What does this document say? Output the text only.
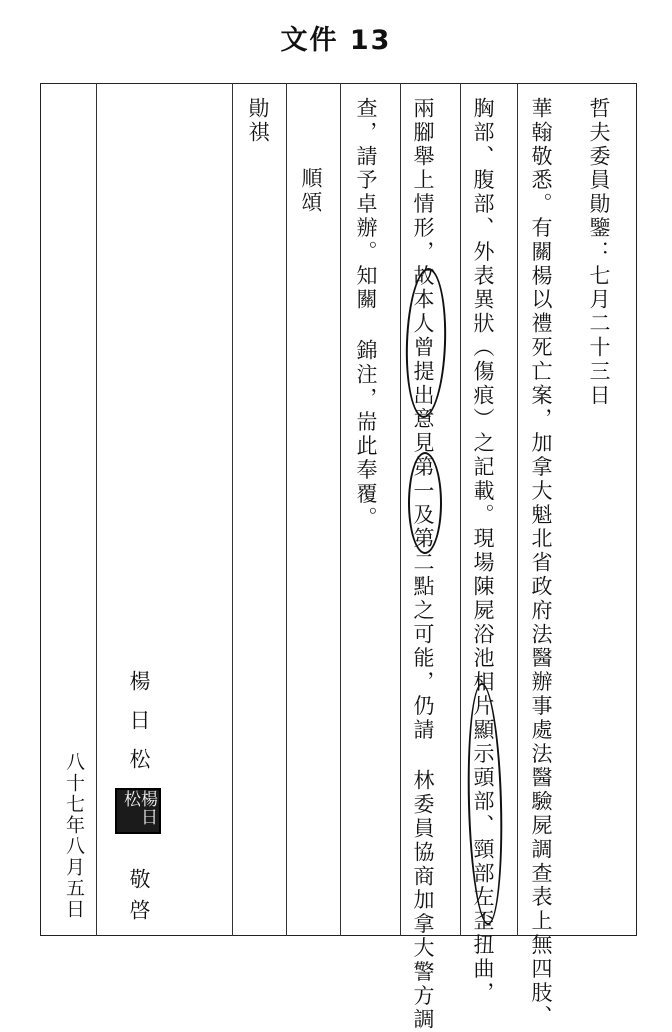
文件 13
哲夫委員勛鑒：七月二十三日
華翰敬悉。有關楊以禮死亡案，加拿大魁北省政府法醫辦事處法醫驗屍調查表上無四肢、
胸部、腹部、外表異狀（傷痕）之記載。現場陳屍浴池相片顯示頭部、頸部左歪扭曲，
兩腳舉上情形，故本人曾提出意見第一及第二點之可能，仍請 林委員協商加拿大警方調
查，請予卓辦。知關 錦注，耑此奉覆。
順頌
勛祺
楊日松
楊日松
敬啓
八十七年八月五日
